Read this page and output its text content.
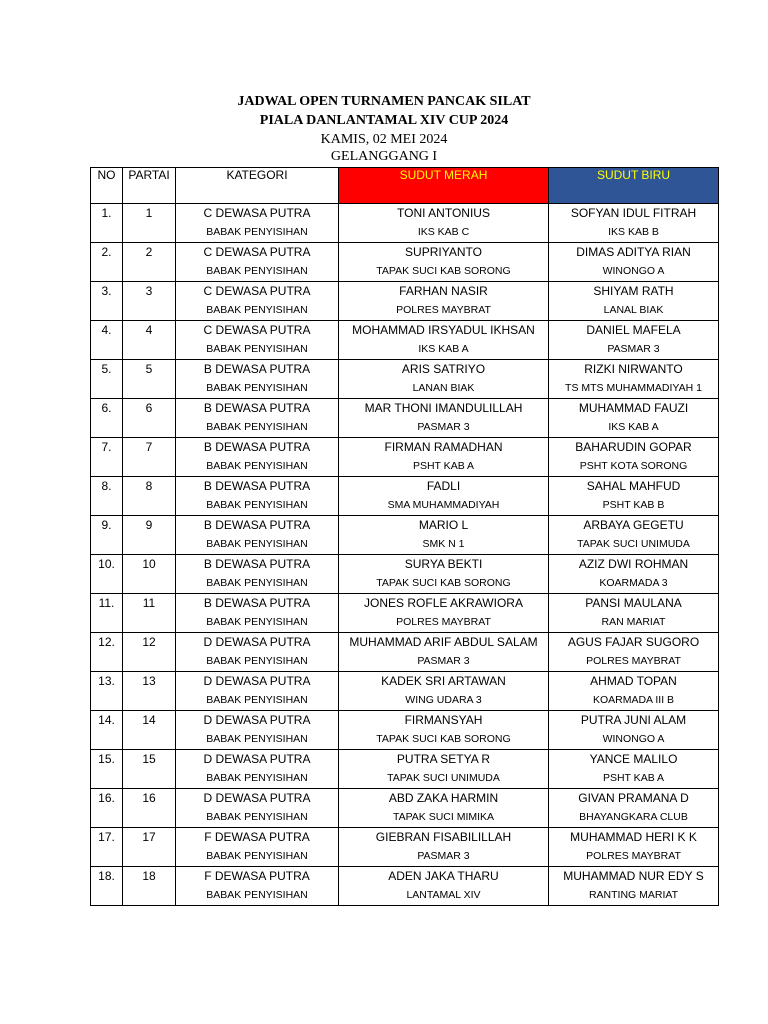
JADWAL OPEN TURNAMEN PANCAK SILAT
PIALA DANLANTAMAL XIV CUP 2024
KAMIS, 02 MEI 2024
GELANGGANG I
NO	PARTAI	KATEGORI	SUDUT MERAH	SUDUT BIRU
1.	1	C DEWASA PUTRA	TONI ANTONIUS	SOFYAN IDUL FITRAH
		BABAK PENYISIHAN	IKS KAB C	IKS KAB B
2.	2	C DEWASA PUTRA	SUPRIYANTO	DIMAS ADITYA RIAN
		BABAK PENYISIHAN	TAPAK SUCI KAB SORONG	WINONGO A
3.	3	C DEWASA PUTRA	FARHAN NASIR	SHIYAM RATH
		BABAK PENYISIHAN	POLRES MAYBRAT	LANAL BIAK
4.	4	C DEWASA PUTRA	MOHAMMAD IRSYADUL IKHSAN	DANIEL MAFELA
		BABAK PENYISIHAN	IKS KAB A	PASMAR 3
5.	5	B DEWASA PUTRA	ARIS SATRIYO	RIZKI NIRWANTO
		BABAK PENYISIHAN	LANAN BIAK	TS MTS MUHAMMADIYAH 1
6.	6	B DEWASA PUTRA	MAR THONI IMANDULILLAH	MUHAMMAD FAUZI
		BABAK PENYISIHAN	PASMAR 3	IKS KAB A
7.	7	B DEWASA PUTRA	FIRMAN RAMADHAN	BAHARUDIN GOPAR
		BABAK PENYISIHAN	PSHT KAB A	PSHT KOTA SORONG
8.	8	B DEWASA PUTRA	FADLI	SAHAL MAHFUD
		BABAK PENYISIHAN	SMA MUHAMMADIYAH	PSHT KAB B
9.	9	B DEWASA PUTRA	MARIO L	ARBAYA GEGETU
		BABAK PENYISIHAN	SMK N 1	TAPAK SUCI UNIMUDA
10.	10	B DEWASA PUTRA	SURYA BEKTI	AZIZ DWI ROHMAN
		BABAK PENYISIHAN	TAPAK SUCI KAB SORONG	KOARMADA 3
11.	11	B DEWASA PUTRA	JONES ROFLE AKRAWIORA	PANSI MAULANA
		BABAK PENYISIHAN	POLRES MAYBRAT	RAN MARIAT
12.	12	D DEWASA PUTRA	MUHAMMAD ARIF ABDUL SALAM	AGUS FAJAR SUGORO
		BABAK PENYISIHAN	PASMAR 3	POLRES MAYBRAT
13.	13	D DEWASA PUTRA	KADEK SRI ARTAWAN	AHMAD TOPAN
		BABAK PENYISIHAN	WING UDARA 3	KOARMADA III B
14.	14	D DEWASA PUTRA	FIRMANSYAH	PUTRA JUNI ALAM
		BABAK PENYISIHAN	TAPAK SUCI KAB SORONG	WINONGO A
15.	15	D DEWASA PUTRA	PUTRA SETYA R	YANCE MALILO
		BABAK PENYISIHAN	TAPAK SUCI UNIMUDA	PSHT KAB A
16.	16	D DEWASA PUTRA	ABD ZAKA HARMIN	GIVAN PRAMANA D
		BABAK PENYISIHAN	TAPAK SUCI MIMIKA	BHAYANGKARA CLUB
17.	17	F DEWASA PUTRA	GIEBRAN FISABILILLAH	MUHAMMAD HERI K K
		BABAK PENYISIHAN	PASMAR 3	POLRES MAYBRAT
18.	18	F DEWASA PUTRA	ADEN JAKA THARU	MUHAMMAD NUR EDY S
		BABAK PENYISIHAN	LANTAMAL XIV	RANTING MARIAT
